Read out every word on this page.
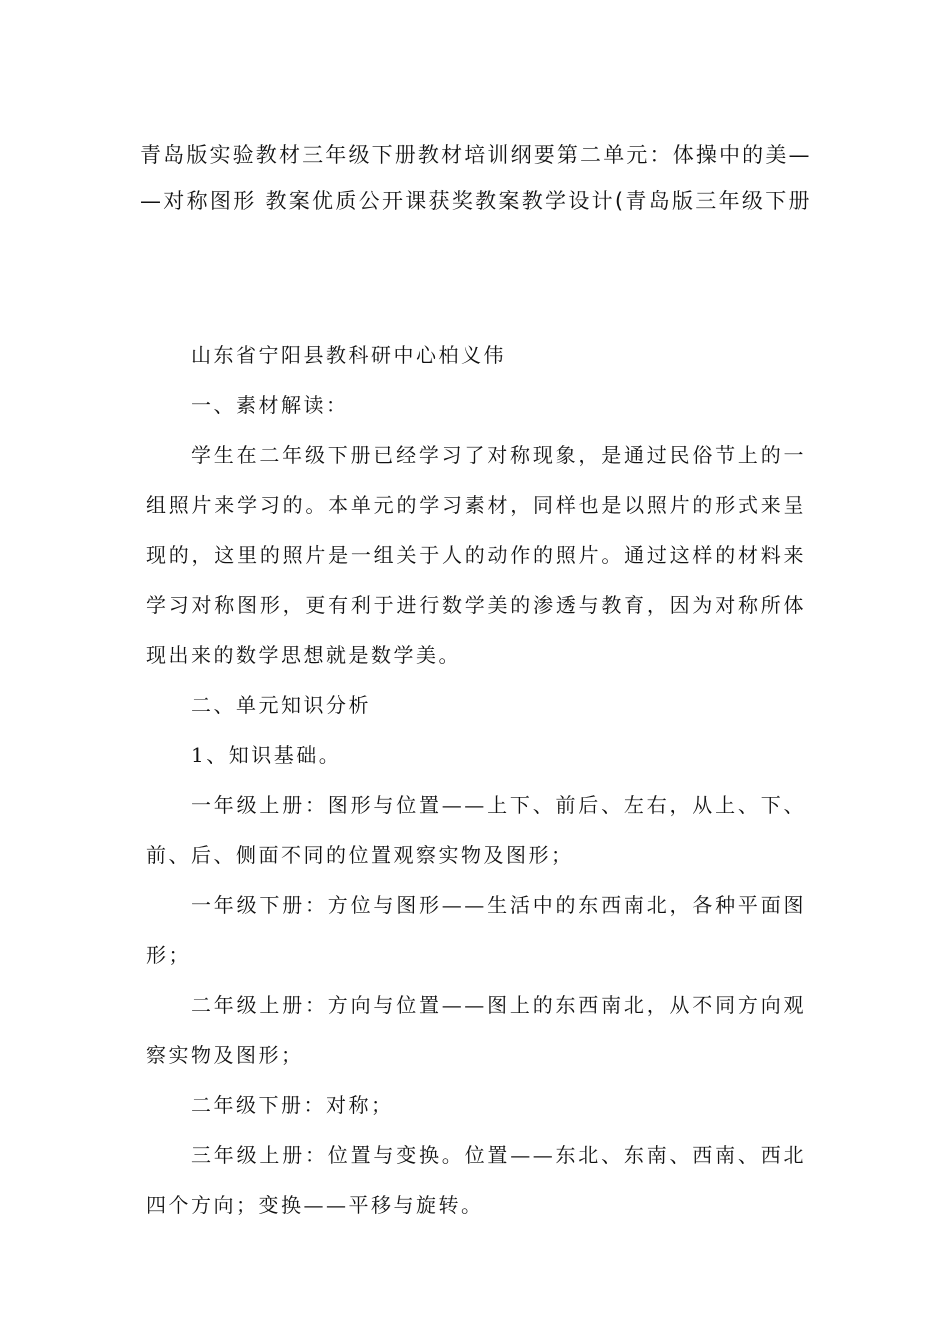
青岛版实验教材三年级下册教材培训纲要第二单元：体操中的美—
—对称图形 教案优质公开课获奖教案教学设计(青岛版三年级下册
山东省宁阳县教科研中心柏义伟
一、素材解读：
学生在二年级下册已经学习了对称现象，是通过民俗节上的一
组照片来学习的。本单元的学习素材，同样也是以照片的形式来呈
现的，这里的照片是一组关于人的动作的照片。通过这样的材料来
学习对称图形，更有利于进行数学美的渗透与教育，因为对称所体
现出来的数学思想就是数学美。
二、单元知识分析
1、知识基础。
一年级上册：图形与位置——上下、前后、左右，从上、下、
前、后、侧面不同的位置观察实物及图形；
一年级下册：方位与图形——生活中的东西南北，各种平面图
形；
二年级上册：方向与位置——图上的东西南北，从不同方向观
察实物及图形；
二年级下册：对称；
三年级上册：位置与变换。位置——东北、东南、西南、西北
四个方向；变换——平移与旋转。
